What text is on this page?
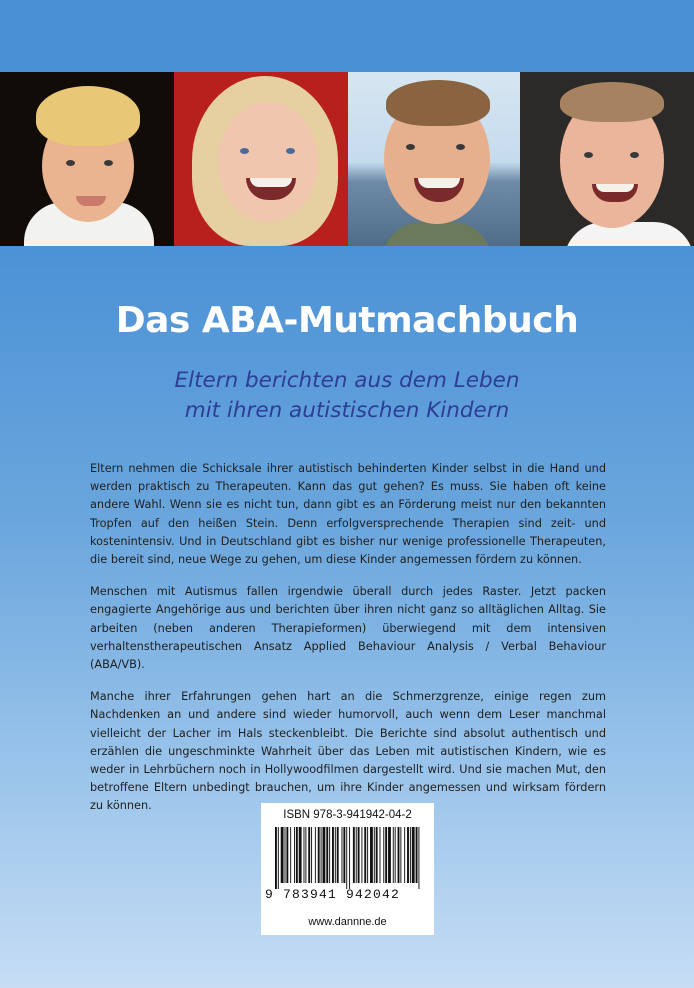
Das ABA-Mutmachbuch
Eltern berichten aus dem Leben
mit ihren autistischen Kindern

Eltern nehmen die Schicksale ihrer autistisch behinderten Kinder selbst in die Hand und werden praktisch zu Therapeuten. Kann das gut gehen? Es muss. Sie haben oft keine andere Wahl. Wenn sie es nicht tun, dann gibt es an Förderung meist nur den bekannten Tropfen auf den heißen Stein. Denn erfolgversprechende Therapien sind zeit- und kostenintensiv. Und in Deutschland gibt es bisher nur wenige professionelle Therapeuten, die bereit sind, neue Wege zu gehen, um diese Kinder angemessen fördern zu können.

Menschen mit Autismus fallen irgendwie überall durch jedes Raster. Jetzt packen engagierte Angehörige aus und berichten über ihren nicht ganz so alltäglichen Alltag. Sie arbeiten (neben anderen Therapieformen) überwiegend mit dem intensiven verhaltenstherapeutischen Ansatz Applied Behaviour Analysis / Verbal Behaviour (ABA/VB).

Manche ihrer Erfahrungen gehen hart an die Schmerzgrenze, einige regen zum Nachdenken an und andere sind wieder humorvoll, auch wenn dem Leser manchmal vielleicht der Lacher im Hals steckenbleibt. Die Berichte sind absolut authentisch und erzählen die ungeschminkte Wahrheit über das Leben mit autistischen Kindern, wie es weder in Lehrbüchern noch in Hollywoodfilmen dargestellt wird. Und sie machen Mut, den betroffene Eltern unbedingt brauchen, um ihre Kinder angemessen und wirksam fördern zu können.

ISBN 978-3-941942-04-2
9 783941 942042
www.dannne.de
